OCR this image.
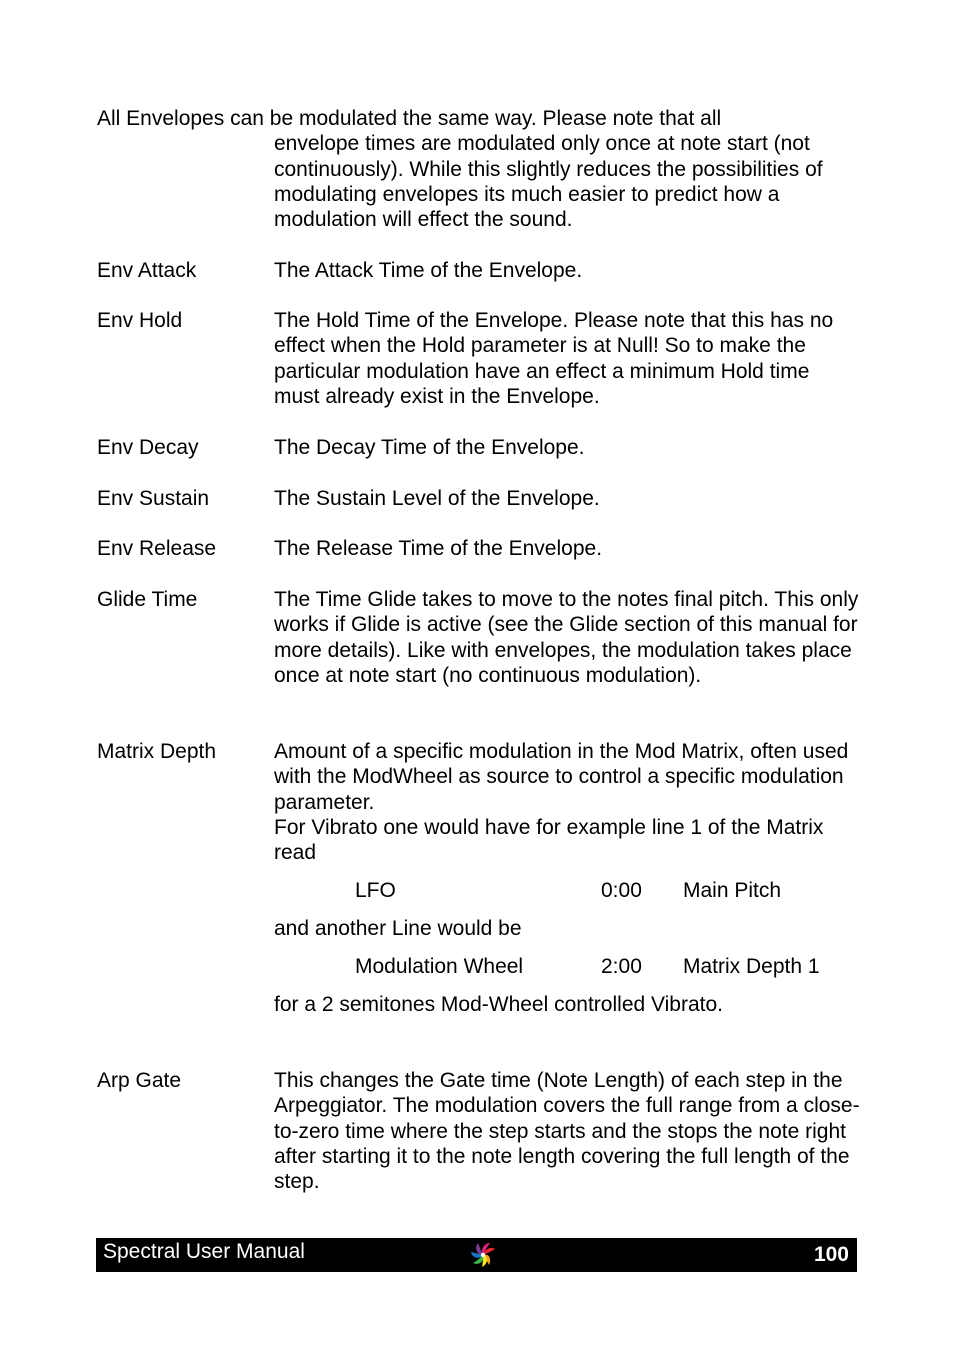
All Envelopes can be modulated the same way. Please note that all
envelope times are modulated only once at note start (not continuously). While this slightly reduces the possibilities of modulating envelopes its much easier to predict how a modulation will effect the sound.
Env Attack	The Attack Time of the Envelope.
Env Hold	The Hold Time of the Envelope. Please note that this has no effect when the Hold parameter is at Null! So to make the particular modulation have an effect a minimum Hold time must already exist in the Envelope.
Env Decay	The Decay Time of the Envelope.
Env Sustain	The Sustain Level of the Envelope.
Env Release	The Release Time of the Envelope.
Glide Time	The Time Glide takes to move to the notes final pitch. This only works if Glide is active (see the Glide section of this manual for more details). Like with envelopes, the modulation takes place once at note start (no continuous modulation).
Matrix Depth	Amount of a specific modulation in the Mod Matrix, often used with the ModWheel as source to control a specific modulation parameter.
For Vibrato one would have for example line 1 of the Matrix read
LFO	0:00 Main Pitch
and another Line would be
Modulation Wheel	2:00 Matrix Depth 1
for a 2 semitones Mod-Wheel controlled Vibrato.
Arp Gate	This changes the Gate time (Note Length) of each step in the Arpeggiator. The modulation covers the full range from a close-to-zero time where the step starts and the stops the note right after starting it to the note length covering the full length of the step.
Spectral User Manual	100
